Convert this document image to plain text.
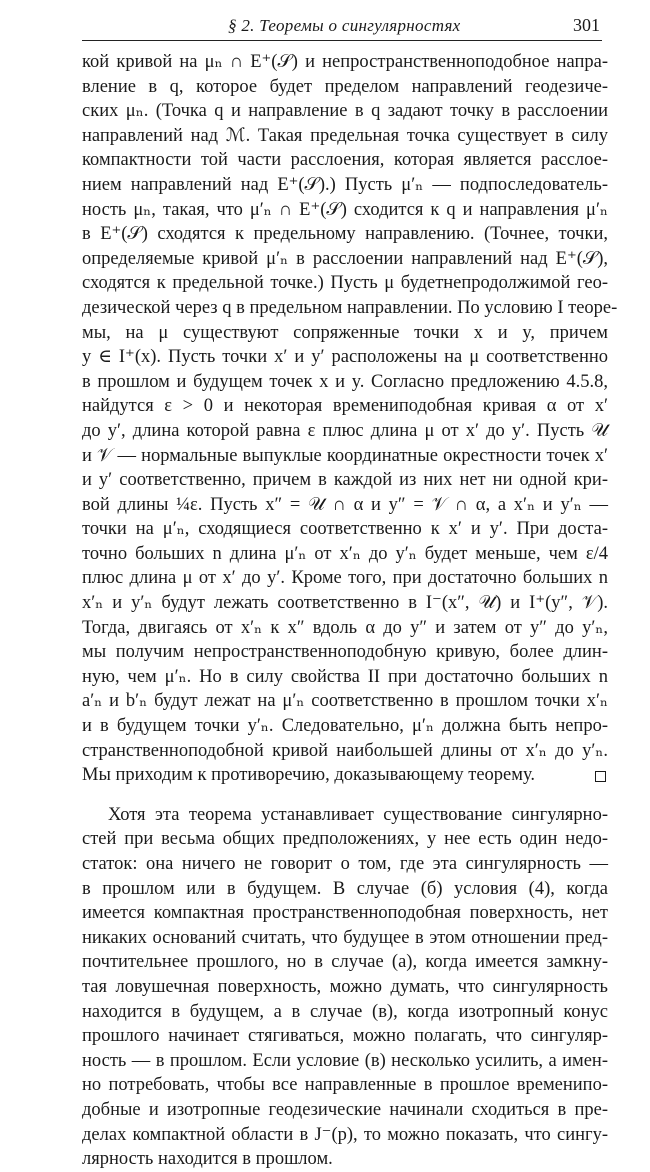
§ 2. Теоремы о сингулярностях	301
кой кривой на μₙ ∩ E⁺(𝒮) и непространственноподобное напра-
вление в q, которое будет пределом направлений геодезиче-
ских μₙ. (Точка q и направление в q задают точку в расслоении
направлений над ℳ. Такая предельная точка существует в силу
компактности той части расслоения, которая является расслое-
нием направлений над E⁺(𝒮).) Пусть μ′ₙ — подпоследователь-
ность μₙ, такая, что μ′ₙ ∩ E⁺(𝒮) сходится к q и направления μ′ₙ
в E⁺(𝒮) сходятся к предельному направлению. (Точнее, точки,
определяемые кривой μ′ₙ в расслоении направлений над E⁺(𝒮),
сходятся к предельной точке.) Пусть μ будетнепродолжимой гео-
дезической через q в предельном направлении. По условию I теоре-
мы, на μ существуют сопряженные точки x и y, причем
y ∈ I⁺(x). Пусть точки x′ и y′ расположены на μ соответственно
в прошлом и будущем точек x и y. Согласно предложению 4.5.8,
найдутся ε > 0 и некоторая времениподобная кривая α от x′
до y′, длина которой равна ε плюс длина μ от x′ до y′. Пусть 𝒰
и 𝒱 — нормальные выпуклые координатные окрестности точек x′
и y′ соответственно, причем в каждой из них нет ни одной кри-
вой длины ¼ε. Пусть x″ = 𝒰 ∩ α и y″ = 𝒱 ∩ α, а x′ₙ и y′ₙ —
точки на μ′ₙ, сходящиеся соответственно к x′ и y′. При доста-
точно больших n длина μ′ₙ от x′ₙ до y′ₙ будет меньше, чем ε/4
плюс длина μ от x′ до y′. Кроме того, при достаточно больших n
x′ₙ и y′ₙ будут лежать соответственно в I⁻(x″, 𝒰) и I⁺(y″, 𝒱).
Тогда, двигаясь от x′ₙ к x″ вдоль α до y″ и затем от y″ до y′ₙ,
мы получим непространственноподобную кривую, более длин-
ную, чем μ′ₙ. Но в силу свойства II при достаточно больших n
a′ₙ и b′ₙ будут лежат на μ′ₙ соответственно в прошлом точки x′ₙ
и в будущем точки y′ₙ. Следовательно, μ′ₙ должна быть непро-
странственноподобной кривой наибольшей длины от x′ₙ до y′ₙ.
Мы приходим к противоречию, доказывающему теорему.
Хотя эта теорема устанавливает существование сингулярно-
стей при весьма общих предположениях, у нее есть один недо-
статок: она ничего не говорит о том, где эта сингулярность —
в прошлом или в будущем. В случае (б) условия (4), когда
имеется компактная пространственноподобная поверхность, нет
никаких оснований считать, что будущее в этом отношении пред-
почтительнее прошлого, но в случае (а), когда имеется замкну-
тая ловушечная поверхность, можно думать, что сингулярность
находится в будущем, а в случае (в), когда изотропный конус
прошлого начинает стягиваться, можно полагать, что сингуляр-
ность — в прошлом. Если условие (в) несколько усилить, а имен-
но потребовать, чтобы все направленные в прошлое временипо-
добные и изотропные геодезические начинали сходиться в пре-
делах компактной области в J⁻(p), то можно показать, что сингу-
лярность находится в прошлом.
